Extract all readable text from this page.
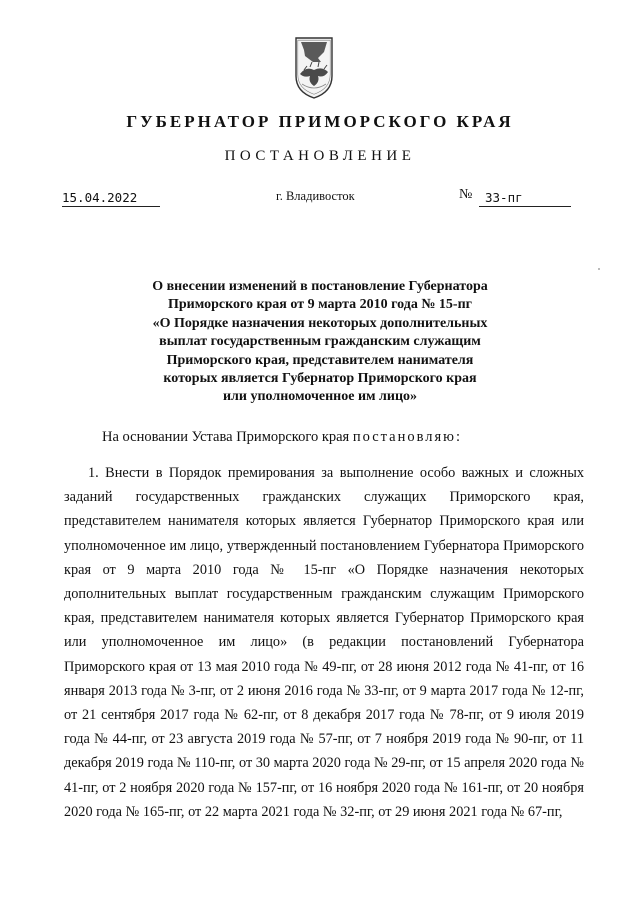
ГУБЕРНАТОР ПРИМОРСКОГО КРАЯ
ПОСТАНОВЛЕНИЕ
15.04.2022	г. Владивосток	№	33-пг
О внесении изменений в постановление Губернатора
Приморского края от 9 марта 2010 года № 15-пг
«О Порядке назначения некоторых дополнительных
выплат государственным гражданским служащим
Приморского края, представителем нанимателя
которых является Губернатор Приморского края
или уполномоченное им лицо»
На основании Устава Приморского края постановляю:

1. Внести в Порядок премирования за выполнение особо важных и сложных заданий государственных гражданских служащих Приморского края, представителем нанимателя которых является Губернатор Приморского края или уполномоченное им лицо, утвержденный постановлением Губернатора Приморского края от 9 марта 2010 года № 15-пг «О Порядке назначения некоторых дополнительных выплат государственным гражданским служащим Приморского края, представителем нанимателя которых является Губернатор Приморского края или уполномоченное им лицо» (в редакции постановлений Губернатора Приморского края от 13 мая 2010 года № 49-пг, от 28 июня 2012 года № 41-пг, от 16 января 2013 года № 3-пг, от 2 июня 2016 года № 33-пг, от 9 марта 2017 года № 12-пг, от 21 сентября 2017 года № 62-пг, от 8 декабря 2017 года № 78-пг, от 9 июля 2019 года № 44-пг, от 23 августа 2019 года № 57-пг, от 7 ноября 2019 года № 90-пг, от 11 декабря 2019 года № 110-пг, от 30 марта 2020 года № 29-пг, от 15 апреля 2020 года № 41-пг, от 2 ноября 2020 года № 157-пг, от 16 ноября 2020 года № 161-пг, от 20 ноября 2020 года № 165-пг, от 22 марта 2021 года № 32-пг, от 29 июня 2021 года № 67-пг,
